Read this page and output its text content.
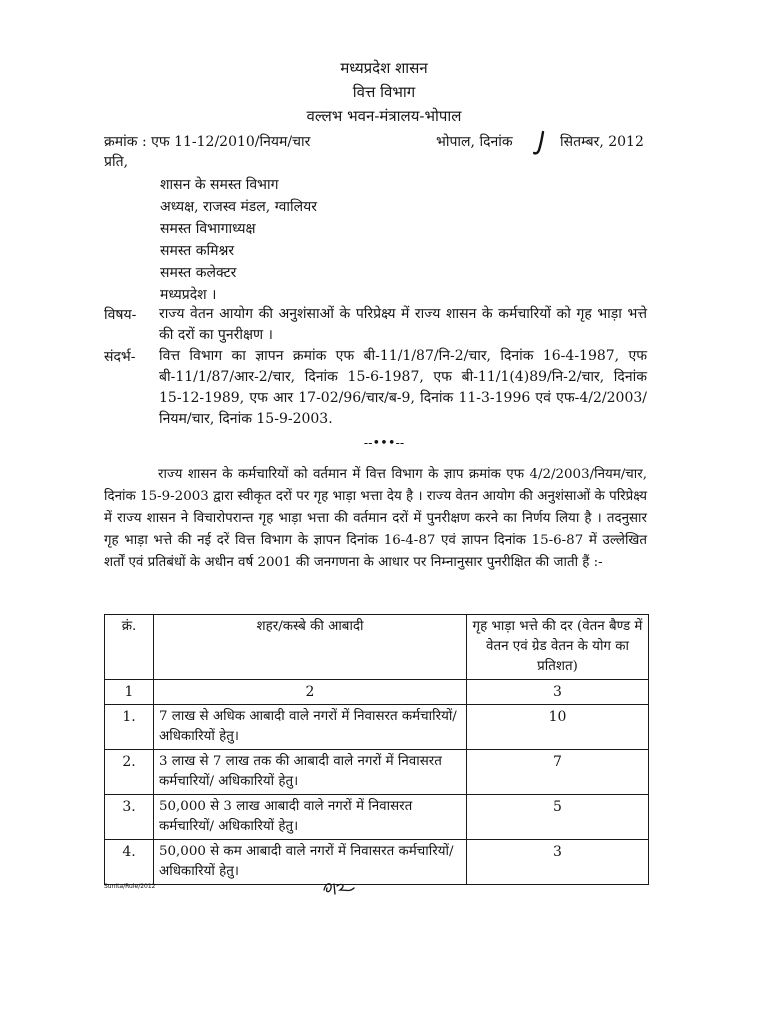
मध्यप्रदेश शासन
वित्त विभाग
वल्लभ भवन-मंत्रालय-भोपाल
क्रमांक : एफ 11-12/2010/नियम/चार	भोपाल, दिनांक	सितम्बर, 2012
प्रति,
शासन के समस्त विभाग
अध्यक्ष, राजस्व मंडल, ग्वालियर
समस्त विभागाध्यक्ष
समस्त कमिश्नर
समस्त कलेक्टर
मध्यप्रदेश ।
विषय- राज्य वेतन आयोग की अनुशंसाओं के परिप्रेक्ष्य में राज्य शासन के कर्मचारियों को गृह भाड़ा भत्ते की दरों का पुनरीक्षण ।
संदर्भ- वित्त विभाग का ज्ञापन क्रमांक एफ बी-11/1/87/नि-2/चार, दिनांक 16-4-1987, एफ बी-11/1/87/आर-2/चार, दिनांक 15-6-1987, एफ बी-11/1(4)89/नि-2/चार, दिनांक 15-12-1989, एफ आर 17-02/96/चार/ब-9, दिनांक 11-3-1996 एवं एफ-4/2/2003/नियम/चार, दिनांक 15-9-2003.
--•••--
राज्य शासन के कर्मचारियों को वर्तमान में वित्त विभाग के ज्ञाप क्रमांक एफ 4/2/2003/नियम/चार, दिनांक 15-9-2003 द्वारा स्वीकृत दरों पर गृह भाड़ा भत्ता देय है । राज्य वेतन आयोग की अनुशंसाओं के परिप्रेक्ष्य में राज्य शासन ने विचारोपरान्त गृह भाड़ा भत्ता की वर्तमान दरों में पुनरीक्षण करने का निर्णय लिया है । तदनुसार गृह भाड़ा भत्ते की नई दरें वित्त विभाग के ज्ञापन दिनांक 16-4-87 एवं ज्ञापन दिनांक 15-6-87 में उल्लेखित शर्तों एवं प्रतिबंधों के अधीन वर्ष 2001 की जनगणना के आधार पर निम्नानुसार पुनरीक्षित की जाती हैं :-
क्रं.	शहर/कस्बे की आबादी	गृह भाड़ा भत्ते की दर (वेतन बैण्ड में वेतन एवं ग्रेड वेतन के योग का प्रतिशत)
1	2	3
1.	7 लाख से अधिक आबादी वाले नगरों में निवासरत कर्मचारियों/ अधिकारियों हेतु।	10
2.	3 लाख से 7 लाख तक की आबादी वाले नगरों में निवासरत कर्मचारियों/ अधिकारियों हेतु।	7
3.	50,000 से 3 लाख आबादी वाले नगरों में निवासरत कर्मचारियों/ अधिकारियों हेतु।	5
4.	50,000 से कम आबादी वाले नगरों में निवासरत कर्मचारियों/ अधिकारियों हेतु।	3
Sunita/Rule/2012
